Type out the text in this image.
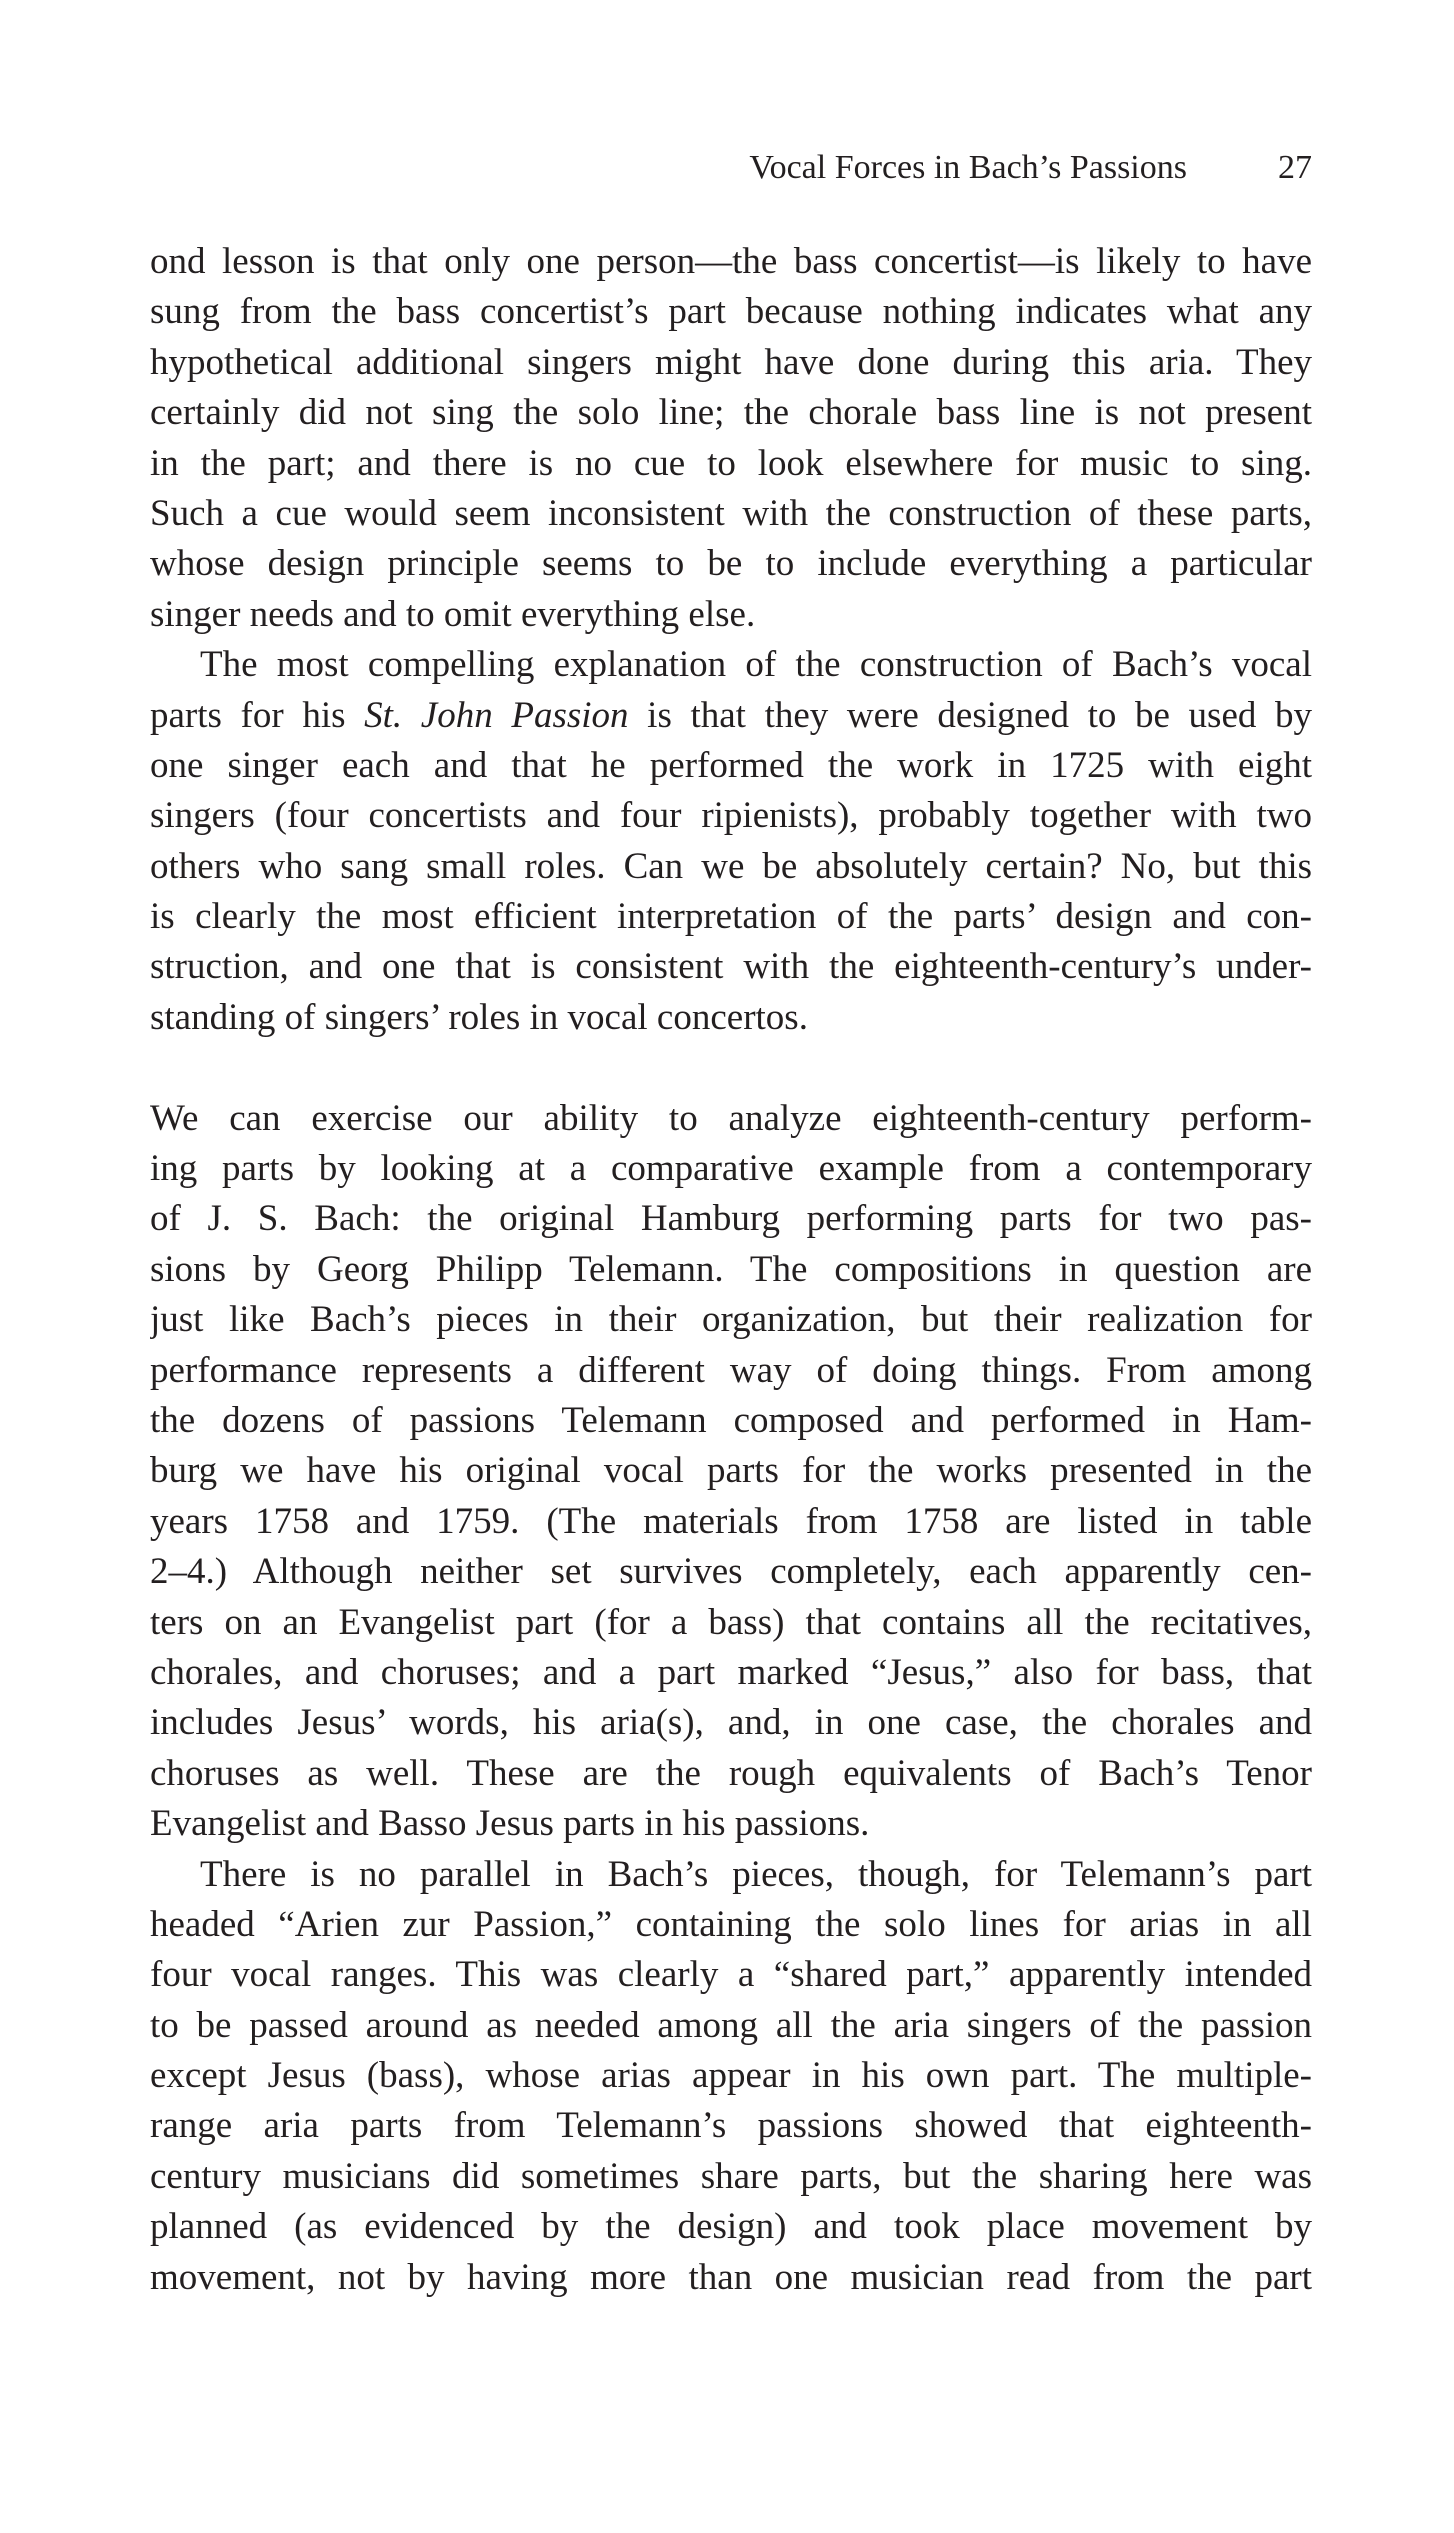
Vocal Forces in Bach’s Passions	27
ond lesson is that only one person—the bass concertist—is likely to have
sung from the bass concertist’s part because nothing indicates what any
hypothetical additional singers might have done during this aria. They
certainly did not sing the solo line; the chorale bass line is not present
in the part; and there is no cue to look elsewhere for music to sing.
Such a cue would seem inconsistent with the construction of these parts,
whose design principle seems to be to include everything a particular
singer needs and to omit everything else.
The most compelling explanation of the construction of Bach’s vocal
parts for his St. John Passion is that they were designed to be used by
one singer each and that he performed the work in 1725 with eight
singers (four concertists and four ripienists), probably together with two
others who sang small roles. Can we be absolutely certain? No, but this
is clearly the most efficient interpretation of the parts’ design and con-
struction, and one that is consistent with the eighteenth-century’s under-
standing of singers’ roles in vocal concertos.
We can exercise our ability to analyze eighteenth-century perform-
ing parts by looking at a comparative example from a contemporary
of J. S. Bach: the original Hamburg performing parts for two pas-
sions by Georg Philipp Telemann. The compositions in question are
just like Bach’s pieces in their organization, but their realization for
performance represents a different way of doing things. From among
the dozens of passions Telemann composed and performed in Ham-
burg we have his original vocal parts for the works presented in the
years 1758 and 1759. (The materials from 1758 are listed in table
2–4.) Although neither set survives completely, each apparently cen-
ters on an Evangelist part (for a bass) that contains all the recitatives,
chorales, and choruses; and a part marked “Jesus,” also for bass, that
includes Jesus’ words, his aria(s), and, in one case, the chorales and
choruses as well. These are the rough equivalents of Bach’s Tenor
Evangelist and Basso Jesus parts in his passions.
There is no parallel in Bach’s pieces, though, for Telemann’s part
headed “Arien zur Passion,” containing the solo lines for arias in all
four vocal ranges. This was clearly a “shared part,” apparently intended
to be passed around as needed among all the aria singers of the passion
except Jesus (bass), whose arias appear in his own part. The multiple-
range aria parts from Telemann’s passions showed that eighteenth-
century musicians did sometimes share parts, but the sharing here was
planned (as evidenced by the design) and took place movement by
movement, not by having more than one musician read from the part
